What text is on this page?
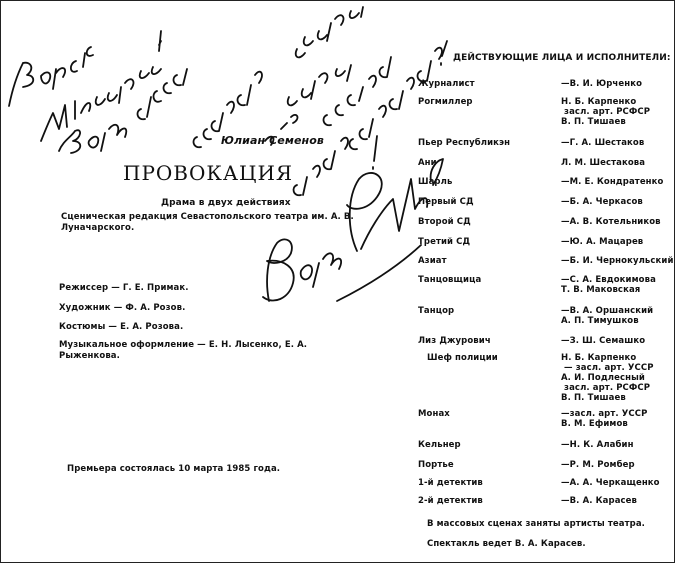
Юлиан Семенов
ПРОВОКАЦИЯ
Драма в двух действиях
Сценическая редакция Севастопольского театра им. А. В. Луначарского.
Режиссер — Г. Е. Примак.
Художник — Ф. А. Розов.
Костюмы — Е. А. Розова.
Музыкальное оформление — Е. Н. Лысенко, Е. А. Рыженкова.
Премьера состоялась 10 марта 1985 года.
ДЕЙСТВУЮЩИЕ ЛИЦА И ИСПОЛНИТЕЛИ:
Журналист	—В. И. Юрченко
Рогмиллер	Н. Б. Карпенко
засл. арт. РСФСР
В. П. Тишаев
Пьер Республикэн	—Г. А. Шестаков
Ани	Л. М. Шестакова
Шарль	—М. Е. Кондратенко
Первый СД	—Б. А. Черкасов
Второй СД	—А. В. Котельников
Третий СД	—Ю. А. Мацарев
Азиат	—Б. И. Чернокульский
Танцовщица	—С. А. Евдокимова
Т. В. Маковская
Танцор	—В. А. Оршанский
А. П. Тимушков
Лиз Джурович	—З. Ш. Семашко
Шеф полиции	Н. Б. Карпенко
— засл. арт. УССР
А. И. Подлесный
засл. арт. РСФСР
В. П. Тишаев
Монах	—засл. арт. УССР
В. М. Ефимов
Кельнер	—Н. К. Алабин
Портье	—Р. М. Ромбер
1-й детектив	—А. А. Черкащенко
2-й детектив	—В. А. Карасев
В массовых сценах заняты артисты театра.
Спектакль ведет В. А. Карасев.
